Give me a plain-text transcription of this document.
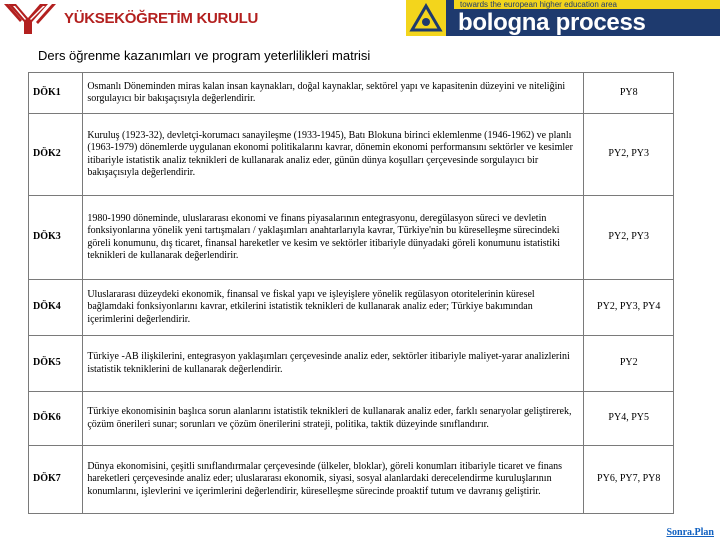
YÜKSEKÖĞRETİM KURULU
towards the european higher education area
bologna process
Ders öğrenme kazanımları ve program yeterlilikleri matrisi
DÖK1	Osmanlı Döneminden miras kalan insan kaynakları, doğal kaynaklar, sektörel yapı ve kapasitenin düzeyini ve niteliğini sorgulayıcı bir bakışaçısıyla değerlendirir.	PY8
DÖK2	Kuruluş (1923-32), devletçi-korumacı sanayileşme (1933-1945), Batı Blokuna birinci eklemlenme (1946-1962) ve planlı (1963-1979) dönemlerde uygulanan ekonomi politikalarını kavrar, dönemin ekonomi performansını sektörler ve kesimler itibariyle istatistik analiz teknikleri de kullanarak analiz eder, günün dünya koşulları çerçevesinde sorgulayıcı bir bakışaçısıyla değerlendirir.	PY2, PY3
DÖK3	1980-1990 döneminde, uluslararası ekonomi ve finans piyasalarının entegrasyonu, deregülasyon süreci ve devletin fonksiyonlarına yönelik yeni tartışmaları / yaklaşımları anahtarlarıyla kavrar, Türkiye'nin bu küreselleşme sürecindeki göreli konumunu, dış ticaret, finansal hareketler ve kesim ve sektörler itibariyle dünyadaki göreli konumunu istatistiki teknikleri de kullanarak değerlendirir.	PY2, PY3
DÖK4	Uluslararası düzeydeki ekonomik, finansal ve fiskal yapı ve işleyişlere yönelik regülasyon otoritelerinin küresel bağlamdaki fonksiyonlarını kavrar, etkilerini istatistik teknikleri de kullanarak analiz eder; Türkiye bakımından içerimlerini değerlendirir.	PY2, PY3, PY4
DÖK5	Türkiye -AB ilişkilerini, entegrasyon yaklaşımları çerçevesinde analiz eder, sektörler itibariyle maliyet-yarar analizlerini istatistik tekniklerini de kullanarak değerlendirir.	PY2
DÖK6	Türkiye ekonomisinin başlıca sorun alanlarını istatistik teknikleri de kullanarak analiz eder, farklı senaryolar geliştirerek, çözüm önerileri sunar; sorunları ve çözüm önerilerini strateji, politika, taktik düzeyinde sınıflandırır.	PY4, PY5
DÖK7	Dünya ekonomisini, çeşitli sınıflandırmalar çerçevesinde (ülkeler, bloklar), göreli konumları itibariyle ticaret ve finans hareketleri çerçevesinde analiz eder; uluslararası ekonomik, siyasi, sosyal alanlardaki derecelendirme kuruluşlarının konumlarını, işlevlerini ve içerimlerini değerlendirir, küreselleşme sürecinde proaktif tutum ve davranış geliştirir.	PY6, PY7, PY8
Sonra.Plan
